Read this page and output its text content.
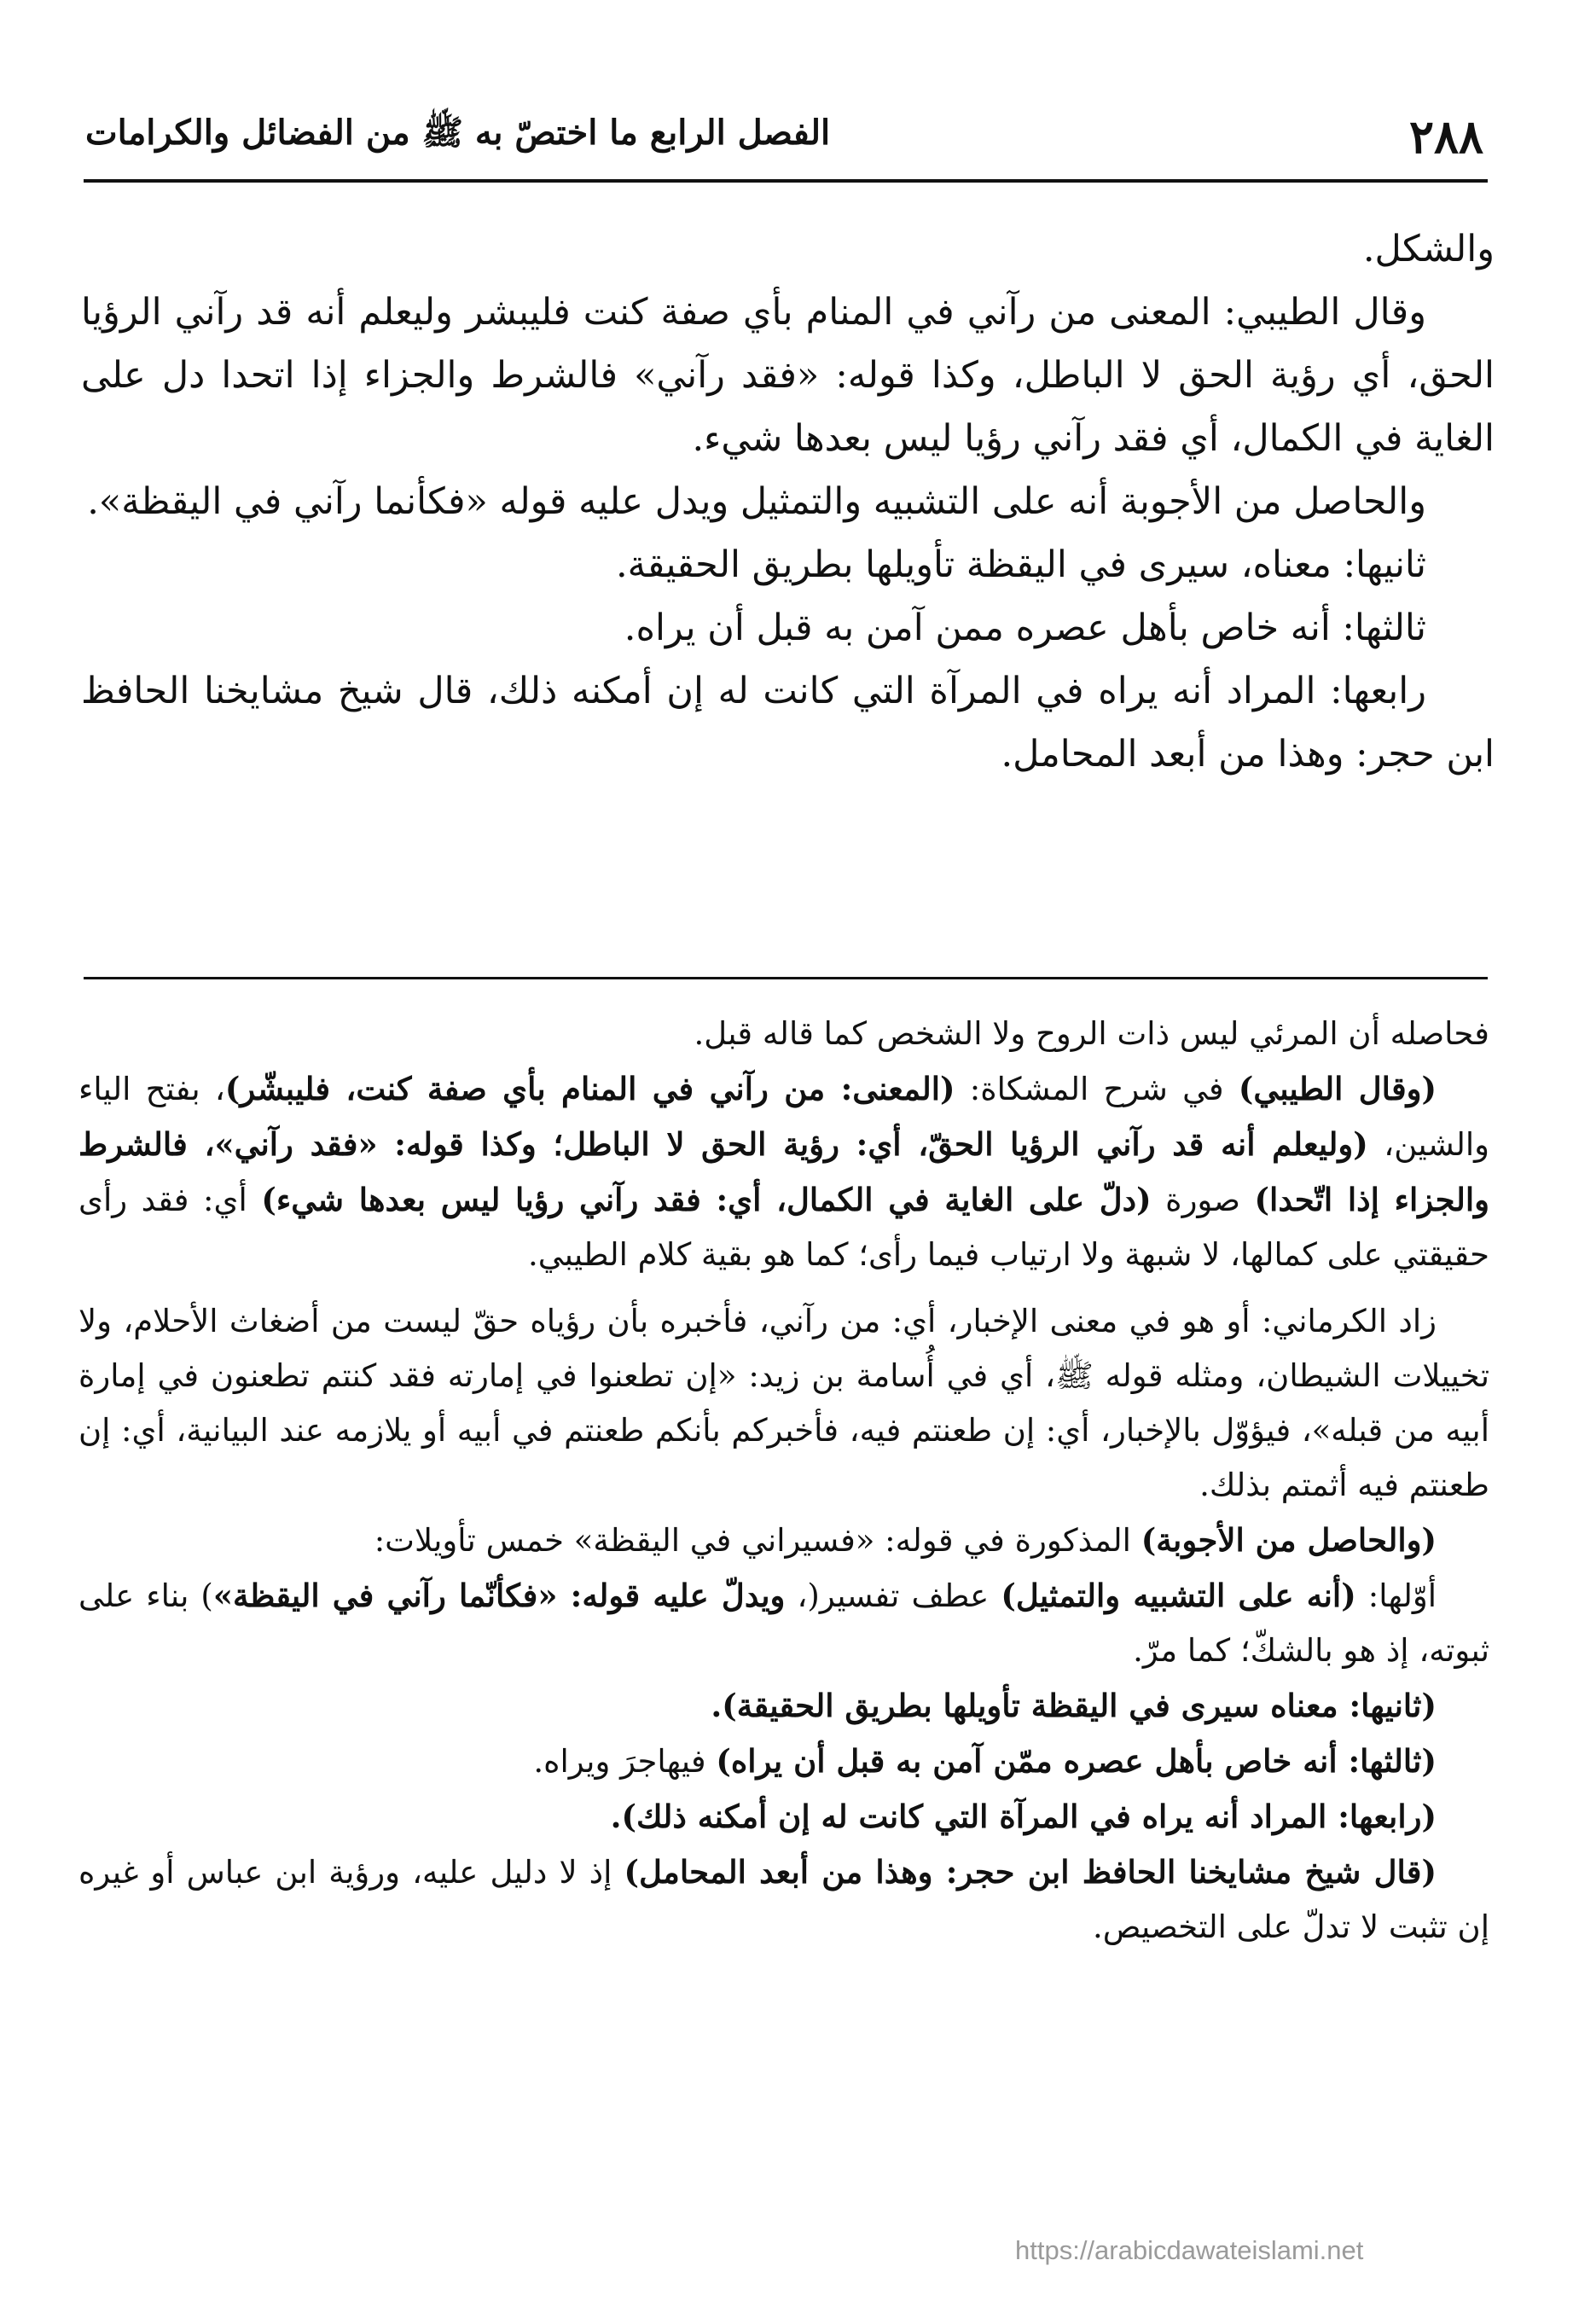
٢٨٨
الفصل الرابع ما اختصّ به ﷺ من الفضائل والكرامات

والشكل.

وقال الطيبي: المعنى من رآني في المنام بأي صفة كنت فليبشر وليعلم أنه قد رآني الرؤيا الحق، أي رؤية الحق لا الباطل، وكذا قوله: «فقد رآني» فالشرط والجزاء إذا اتحدا دل على الغاية في الكمال، أي فقد رآني رؤيا ليس بعدها شيء.

والحاصل من الأجوبة أنه على التشبيه والتمثيل ويدل عليه قوله «فكأنما رآني في اليقظة».

ثانيها: معناه، سيرى في اليقظة تأويلها بطريق الحقيقة.

ثالثها: أنه خاص بأهل عصره ممن آمن به قبل أن يراه.

رابعها: المراد أنه يراه في المرآة التي كانت له إن أمكنه ذلك، قال شيخ مشايخنا الحافظ ابن حجر: وهذا من أبعد المحامل.

فحاصله أن المرئي ليس ذات الروح ولا الشخص كما قاله قبل.

(وقال الطيبي) في شرح المشكاة: (المعنى: من رآني في المنام بأي صفة كنت، فليبشّر)، بفتح الياء والشين، (وليعلم أنه قد رآني الرؤيا الحقّ، أي: رؤية الحق لا الباطل؛ وكذا قوله: «فقد رآني»، فالشرط والجزاء إذا اتّحدا) صورة (دلّ على الغاية في الكمال، أي: فقد رآني رؤيا ليس بعدها شيء) أي: فقد رأى حقيقتي على كمالها، لا شبهة ولا ارتياب فيما رأى؛ كما هو بقية كلام الطيبي.

زاد الكرماني: أو هو في معنى الإخبار، أي: من رآني، فأخبره بأن رؤياه حقّ ليست من أضغاث الأحلام، ولا تخييلات الشيطان، ومثله قوله ﷺ، أي في أُسامة بن زيد: «إن تطعنوا في إمارته فقد كنتم تطعنون في إمارة أبيه من قبله»، فيؤوّل بالإخبار، أي: إن طعنتم فيه، فأخبركم بأنكم طعنتم في أبيه أو يلازمه عند البيانية، أي: إن طعنتم فيه أثمتم بذلك.

(والحاصل من الأجوبة) المذكورة في قوله: «فسيراني في اليقظة» خمس تأويلات:

أوّلها: (أنه على التشبيه والتمثيل) عطف تفسير(، ويدلّ عليه قوله: «فكأنّما رآني في اليقظة») بناء على ثبوته، إذ هو بالشكّ؛ كما مرّ.

(ثانيها: معناه سيرى في اليقظة تأويلها بطريق الحقيقة).

(ثالثها: أنه خاص بأهل عصره ممّن آمن به قبل أن يراه) فيهاجرَ ويراه.

(رابعها: المراد أنه يراه في المرآة التي كانت له إن أمكنه ذلك).

(قال شيخ مشايخنا الحافظ ابن حجر: وهذا من أبعد المحامل) إذ لا دليل عليه، ورؤية ابن عباس أو غيره إن تثبت لا تدلّ على التخصيص.

https://arabicdawateislami.net
